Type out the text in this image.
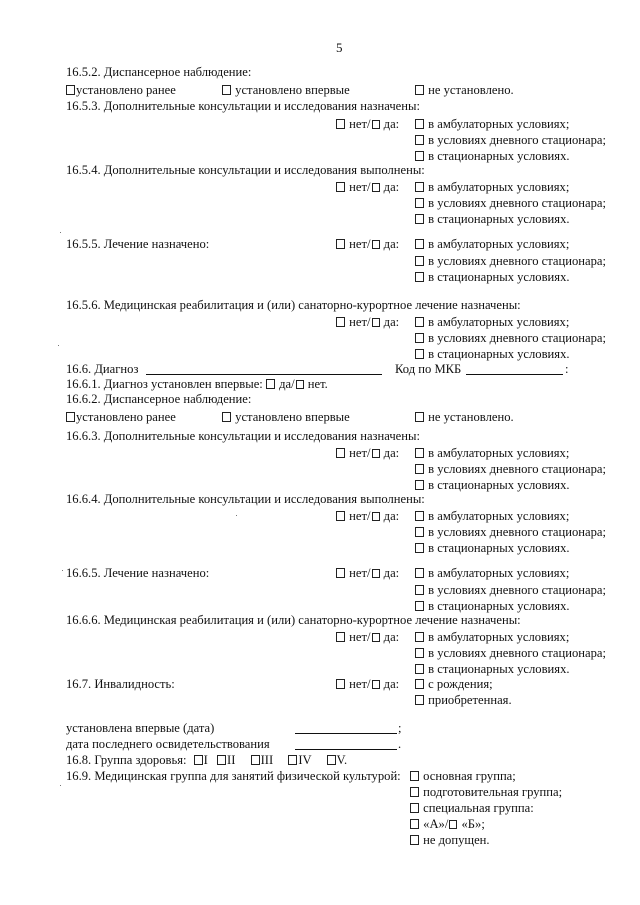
5
16.5.2. Диспансерное наблюдение:
установлено ранее	установлено впервые	не установлено.
16.5.3. Дополнительные консультации и исследования назначены:
нет/ да:	в амбулаторных условиях;
в условиях дневного стационара;
в стационарных условиях.
16.5.4. Дополнительные консультации и исследования выполнены:
нет/ да:	в амбулаторных условиях;
в условиях дневного стационара;
в стационарных условиях.
16.5.5. Лечение назначено:	нет/ да:	в амбулаторных условиях;
в условиях дневного стационара;
в стационарных условиях.
16.5.6. Медицинская реабилитация и (или) санаторно-курортное лечение назначены:
нет/ да:	в амбулаторных условиях;
в условиях дневного стационара;
в стационарных условиях.
16.6. Диагноз	Код по МКБ	:
16.6.1. Диагноз установлен впервые: да/ нет.
16.6.2. Диспансерное наблюдение:
установлено ранее	установлено впервые	не установлено.
16.6.3. Дополнительные консультации и исследования назначены:
нет/ да:	в амбулаторных условиях;
в условиях дневного стационара;
в стационарных условиях.
16.6.4. Дополнительные консультации и исследования выполнены:
нет/ да:	в амбулаторных условиях;
в условиях дневного стационара;
в стационарных условиях.
16.6.5. Лечение назначено:	нет/ да:	в амбулаторных условиях;
в условиях дневного стационара;
в стационарных условиях.
16.6.6. Медицинская реабилитация и (или) санаторно-курортное лечение назначены:
нет/ да:	в амбулаторных условиях;
в условиях дневного стационара;
в стационарных условиях.
16.7. Инвалидность:	нет/ да:	с рождения;
приобретенная.
установлена впервые (дата)	;
дата последнего освидетельствования	.
16.8. Группа здоровья: I II III IV V.
16.9. Медицинская группа для занятий физической культурой:	основная группа;
подготовительная группа;
специальная группа:
«А»/ «Б»;
не допущен.
